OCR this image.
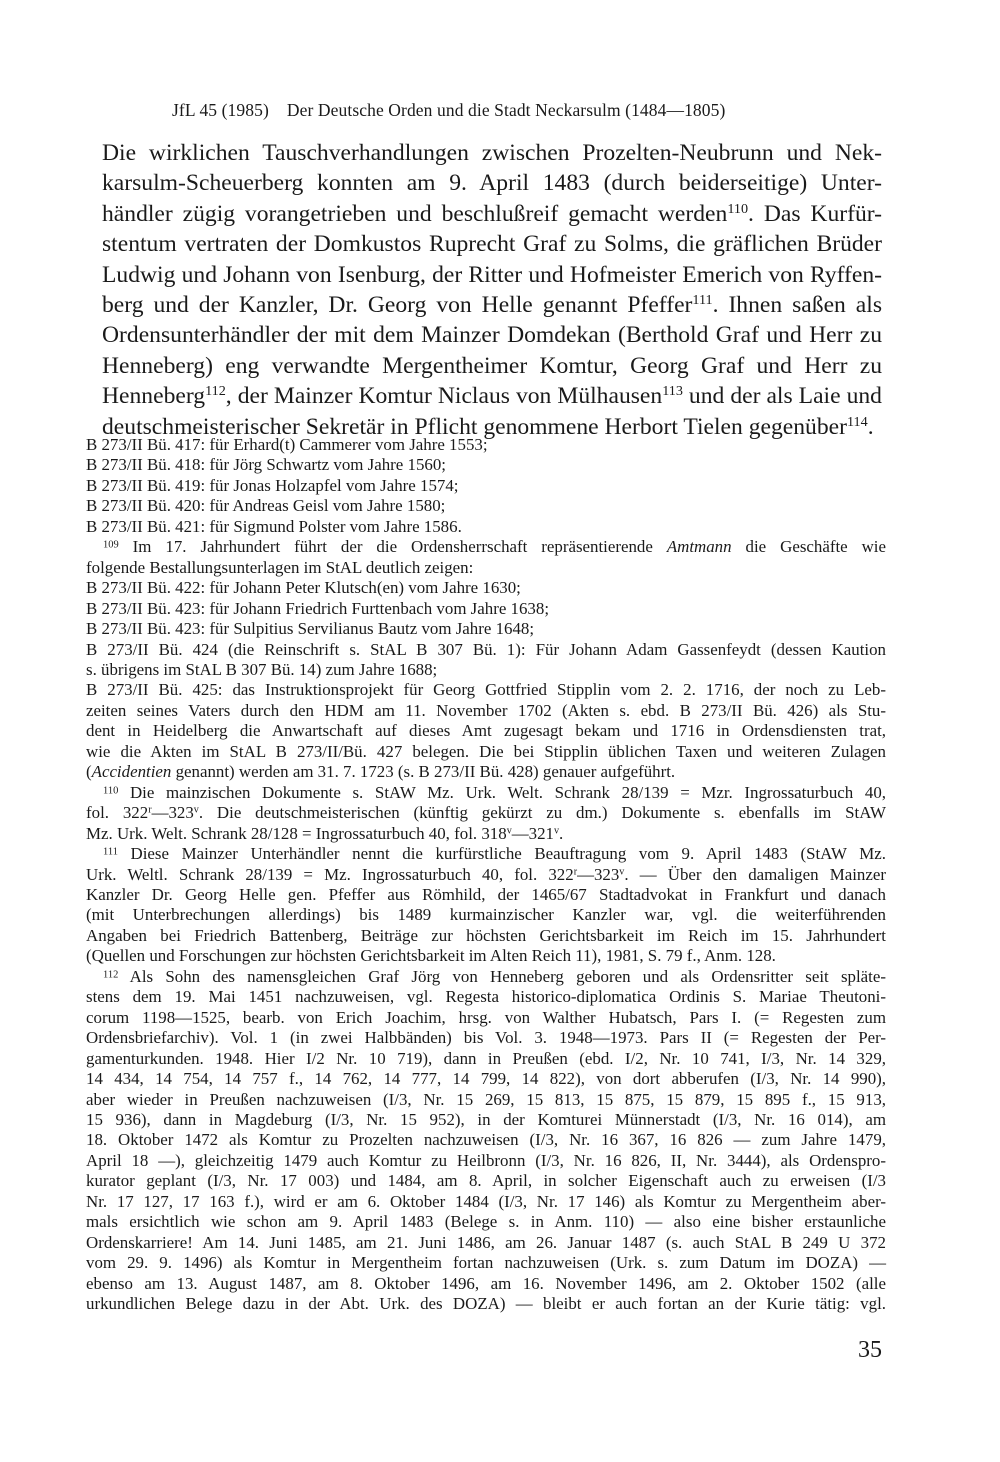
JfL 45 (1985) Der Deutsche Orden und die Stadt Neckarsulm (1484—1805)
Die wirklichen Tauschverhandlungen zwischen Prozelten-Neubrunn und Nek-
karsulm-Scheuerberg konnten am 9. April 1483 (durch beiderseitige) Unter-
händler zügig vorangetrieben und beschlußreif gemacht werden$^{110}$. Das Kurfür-
stentum vertraten der Domkustos Ruprecht Graf zu Solms, die gräflichen Brüder
Ludwig und Johann von Isenburg, der Ritter und Hofmeister Emerich von Ryffen-
berg und der Kanzler, Dr. Georg von Helle genannt Pfeffer$^{111}$. Ihnen saßen als
Ordensunterhändler der mit dem Mainzer Domdekan (Berthold Graf und Herr zu
Henneberg) eng verwandte Mergentheimer Komtur, Georg Graf und Herr zu
Henneberg$^{112}$, der Mainzer Komtur Niclaus von Mülhausen$^{113}$ und der als Laie und
deutschmeisterischer Sekretär in Pflicht genommene Herbort Tielen gegenüber$^{114}$.
B 273/II Bü. 417: für Erhard(t) Cammerer vom Jahre 1553;
B 273/II Bü. 418: für Jörg Schwartz vom Jahre 1560;
B 273/II Bü. 419: für Jonas Holzapfel vom Jahre 1574;
B 273/II Bü. 420: für Andreas Geisl vom Jahre 1580;
B 273/II Bü. 421: für Sigmund Polster vom Jahre 1586.
$^{109}$ Im 17. Jahrhundert führt der die Ordensherrschaft repräsentierende Amtmann die Geschäfte wie
folgende Bestallungsunterlagen im StAL deutlich zeigen:
B 273/II Bü. 422: für Johann Peter Klutsch(en) vom Jahre 1630;
B 273/II Bü. 423: für Johann Friedrich Furttenbach vom Jahre 1638;
B 273/II Bü. 423: für Sulpitius Servilianus Bautz vom Jahre 1648;
B 273/II Bü. 424 (die Reinschrift s. StAL B 307 Bü. 1): Für Johann Adam Gassenfeydt (dessen Kaution
s. übrigens im StAL B 307 Bü. 14) zum Jahre 1688;
B 273/II Bü. 425: das Instruktionsprojekt für Georg Gottfried Stipplin vom 2. 2. 1716, der noch zu Leb-
zeiten seines Vaters durch den HDM am 11. November 1702 (Akten s. ebd. B 273/II Bü. 426) als Stu-
dent in Heidelberg die Anwartschaft auf dieses Amt zugesagt bekam und 1716 in Ordensdiensten trat,
wie die Akten im StAL B 273/II/Bü. 427 belegen. Die bei Stipplin üblichen Taxen und weiteren Zulagen
(Accidentien genannt) werden am 31. 7. 1723 (s. B 273/II Bü. 428) genauer aufgeführt.
$^{110}$ Die mainzischen Dokumente s. StAW Mz. Urk. Welt. Schrank 28/139 = Mzr. Ingrossaturbuch 40,
fol. 322$^r$—323$^v$. Die deutschmeisterischen (künftig gekürzt zu dm.) Dokumente s. ebenfalls im StAW
Mz. Urk. Welt. Schrank 28/128 = Ingrossaturbuch 40, fol. 318$^v$—321$^v$.
$^{111}$ Diese Mainzer Unterhändler nennt die kurfürstliche Beauftragung vom 9. April 1483 (StAW Mz.
Urk. Weltl. Schrank 28/139 = Mz. Ingrossaturbuch 40, fol. 322$^r$—323$^v$. — Über den damaligen Mainzer
Kanzler Dr. Georg Helle gen. Pfeffer aus Römhild, der 1465/67 Stadtadvokat in Frankfurt und danach
(mit Unterbrechungen allerdings) bis 1489 kurmainzischer Kanzler war, vgl. die weiterführenden
Angaben bei Friedrich Battenberg, Beiträge zur höchsten Gerichtsbarkeit im Reich im 15. Jahrhundert
(Quellen und Forschungen zur höchsten Gerichtsbarkeit im Alten Reich 11), 1981, S. 79 f., Anm. 128.
$^{112}$ Als Sohn des namensgleichen Graf Jörg von Henneberg geboren und als Ordensritter seit spläte-
stens dem 19. Mai 1451 nachzuweisen, vgl. Regesta historico-diplomatica Ordinis S. Mariae Theutoni-
corum 1198—1525, bearb. von Erich Joachim, hrsg. von Walther Hubatsch, Pars I. (= Regesten zum
Ordensbriefarchiv). Vol. 1 (in zwei Halbbänden) bis Vol. 3. 1948—1973. Pars II (= Regesten der Per-
gamenturkunden. 1948. Hier I/2 Nr. 10 719), dann in Preußen (ebd. I/2, Nr. 10 741, I/3, Nr. 14 329,
14 434, 14 754, 14 757 f., 14 762, 14 777, 14 799, 14 822), von dort abberufen (I/3, Nr. 14 990),
aber wieder in Preußen nachzuweisen (I/3, Nr. 15 269, 15 813, 15 875, 15 879, 15 895 f., 15 913,
15 936), dann in Magdeburg (I/3, Nr. 15 952), in der Komturei Münnerstadt (I/3, Nr. 16 014), am
18. Oktober 1472 als Komtur zu Prozelten nachzuweisen (I/3, Nr. 16 367, 16 826 — zum Jahre 1479,
April 18 —), gleichzeitig 1479 auch Komtur zu Heilbronn (I/3, Nr. 16 826, II, Nr. 3444), als Ordenspro-
kurator geplant (I/3, Nr. 17 003) und 1484, am 8. April, in solcher Eigenschaft auch zu erweisen (I/3
Nr. 17 127, 17 163 f.), wird er am 6. Oktober 1484 (I/3, Nr. 17 146) als Komtur zu Mergentheim aber-
mals ersichtlich wie schon am 9. April 1483 (Belege s. in Anm. 110) — also eine bisher erstaunliche
Ordenskarriere! Am 14. Juni 1485, am 21. Juni 1486, am 26. Januar 1487 (s. auch StAL B 249 U 372
vom 29. 9. 1496) als Komtur in Mergentheim fortan nachzuweisen (Urk. s. zum Datum im DOZA) —
ebenso am 13. August 1487, am 8. Oktober 1496, am 16. November 1496, am 2. Oktober 1502 (alle
urkundlichen Belege dazu in der Abt. Urk. des DOZA) — bleibt er auch fortan an der Kurie tätig: vgl.
35
